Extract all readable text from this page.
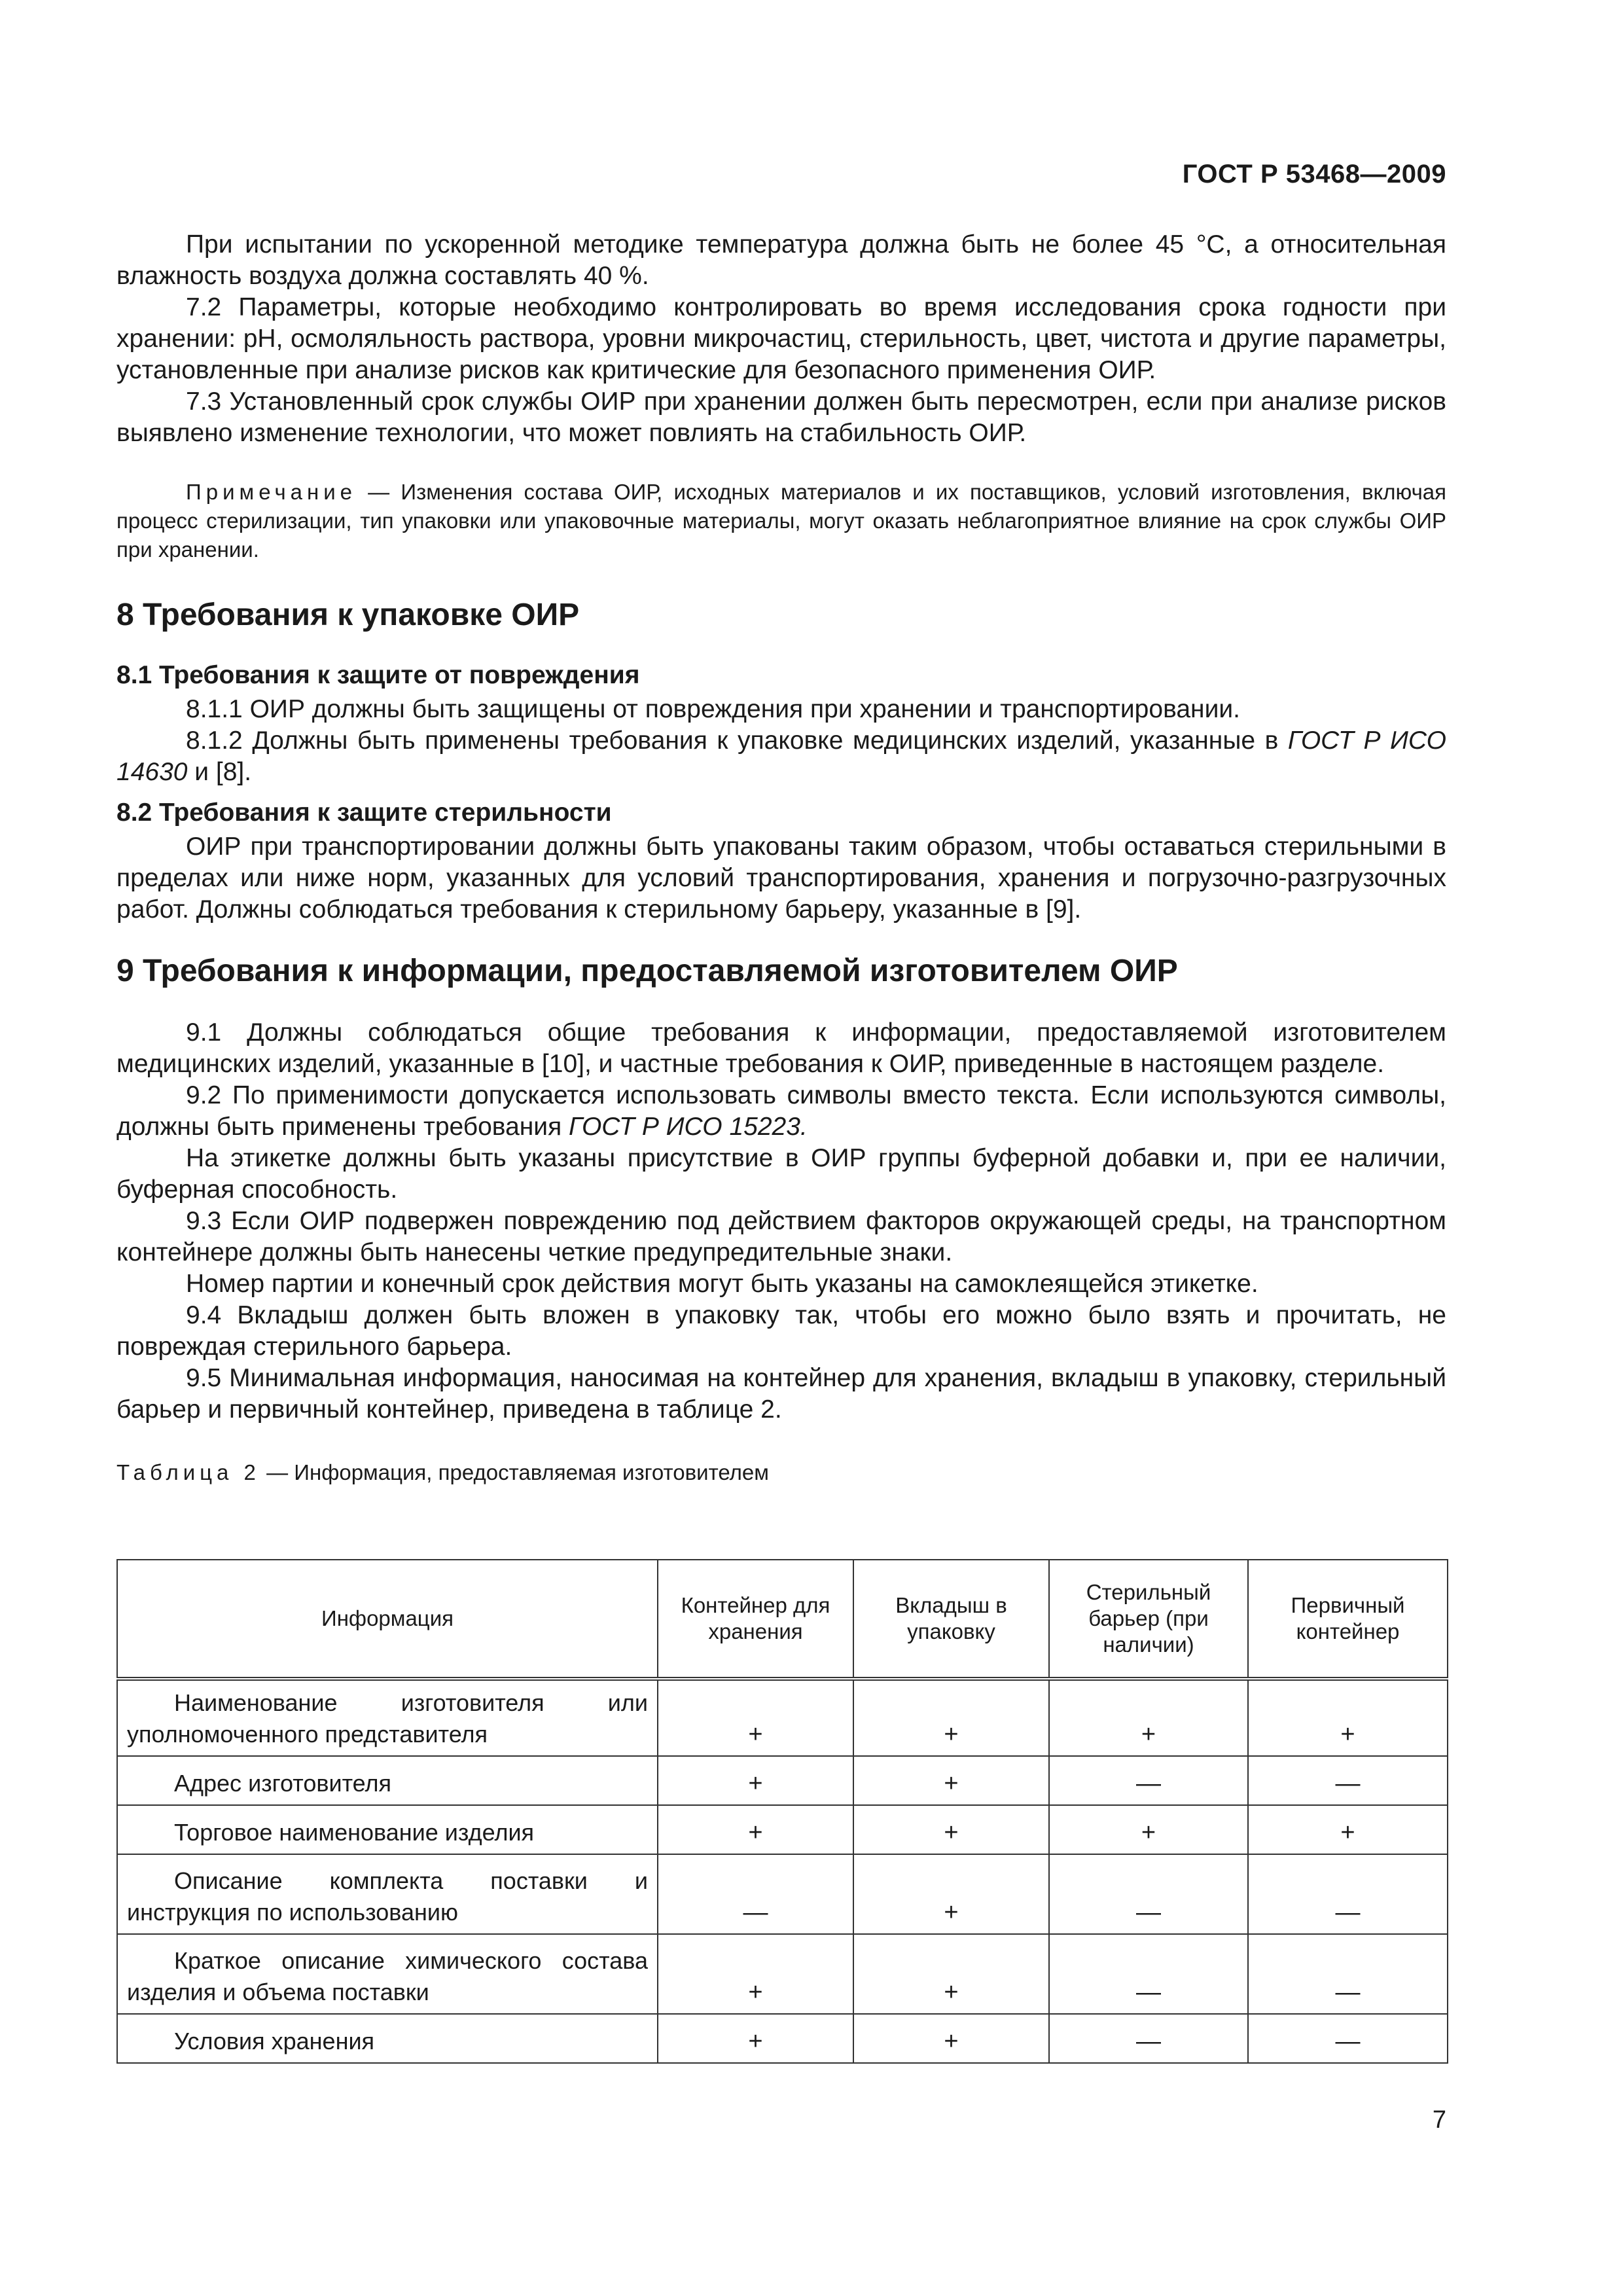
ГОСТ Р 53468—2009

При испытании по ускоренной методике температура должна быть не более 45 °С, а относительная влажность воздуха должна составлять 40 %.

7.2 Параметры, которые необходимо контролировать во время исследования срока годности при хранении: рН, осмоляльность раствора, уровни микрочастиц, стерильность, цвет, чистота и другие параметры, установленные при анализе рисков как критические для безопасного применения ОИР.

7.3 Установленный срок службы ОИР при хранении должен быть пересмотрен, если при анализе рисков выявлено изменение технологии, что может повлиять на стабильность ОИР.

Примечание — Изменения состава ОИР, исходных материалов и их поставщиков, условий изготовления, включая процесс стерилизации, тип упаковки или упаковочные материалы, могут оказать неблагоприятное влияние на срок службы ОИР при хранении.

8 Требования к упаковке ОИР
8.1 Требования к защите от повреждения

8.1.1 ОИР должны быть защищены от повреждения при хранении и транспортировании.

8.1.2 Должны быть применены требования к упаковке медицинских изделий, указанные в ГОСТ Р ИСО 14630 и [8].

8.2 Требования к защите стерильности

ОИР при транспортировании должны быть упакованы таким образом, чтобы оставаться стерильными в пределах или ниже норм, указанных для условий транспортирования, хранения и погрузочно-разгрузочных работ. Должны соблюдаться требования к стерильному барьеру, указанные в [9].

9 Требования к информации, предоставляемой изготовителем ОИР

9.1 Должны соблюдаться общие требования к информации, предоставляемой изготовителем медицинских изделий, указанные в [10], и частные требования к ОИР, приведенные в настоящем разделе.

9.2 По применимости допускается использовать символы вместо текста. Если используются символы, должны быть применены требования ГОСТ Р ИСО 15223.

На этикетке должны быть указаны присутствие в ОИР группы буферной добавки и, при ее наличии, буферная способность.

9.3 Если ОИР подвержен повреждению под действием факторов окружающей среды, на транспортном контейнере должны быть нанесены четкие предупредительные знаки.

Номер партии и конечный срок действия могут быть указаны на самоклеящейся этикетке.

9.4 Вкладыш должен быть вложен в упаковку так, чтобы его можно было взять и прочитать, не повреждая стерильного барьера.

9.5 Минимальная информация, наносимая на контейнер для хранения, вкладыш в упаковку, стерильный барьер и первичный контейнер, приведена в таблице 2.

Таблица 2 — Информация, предоставляемая изготовителем

Информация	Контейнер для хранения	Вкладыш в упаковку	Стерильный барьер (при наличии)	Первичный контейнер

Наименование изготовителя или уполномоченного представителя	+	+	+	+

Адрес изготовителя	+	+	—	—

Торговое наименование изделия	+	+	+	+

Описание комплекта поставки и инструкция по использованию	—	+	—	—

Краткое описание химического состава изделия и объема поставки	+	+	—	—

Условия хранения	+	+	—	—
7
